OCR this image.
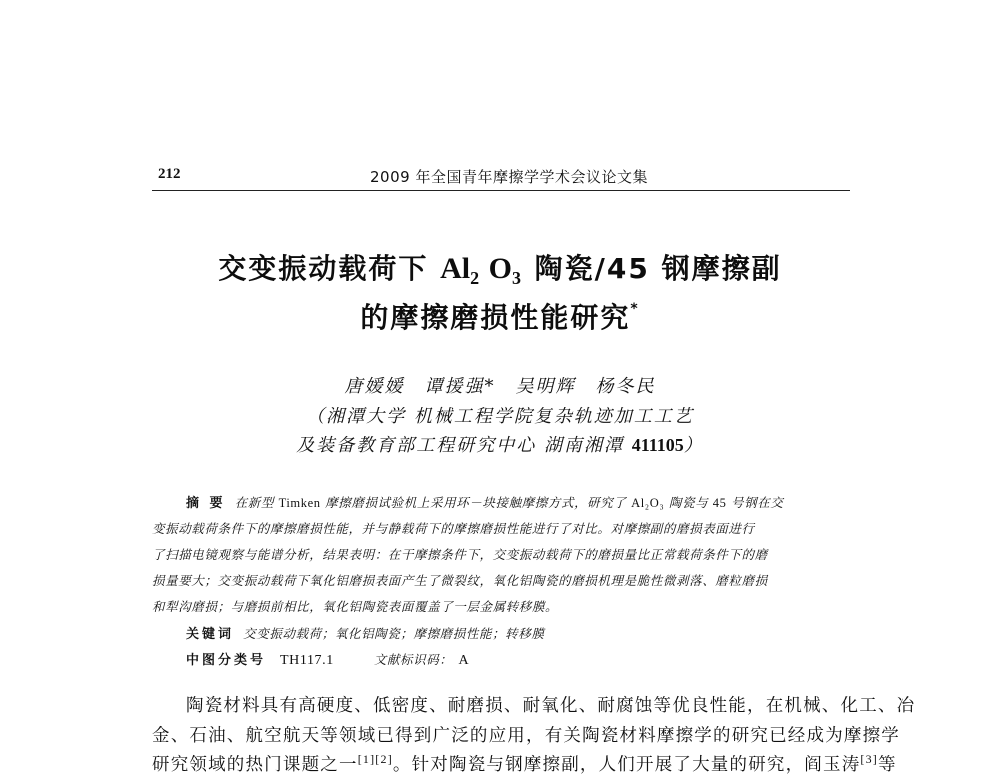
212	2009 年全国青年摩擦学学术会议论文集
交变振动载荷下 $Al_2$ $O_3$ 陶瓷/45 钢摩擦副
的摩擦磨损性能研究*
唐媛媛 谭援强* 吴明辉 杨冬民
（湘潭大学 机械工程学院复杂轨迹加工工艺
及装备教育部工程研究中心 湖南湘潭 411105）
摘 要 在新型 Timken 摩擦磨损试验机上采用环－块接触摩擦方式，研究了 Al₂O₃ 陶瓷与 45 号钢在交
变振动载荷条件下的摩擦磨损性能，并与静载荷下的摩擦磨损性能进行了对比。对摩擦副的磨损表面进行
了扫描电镜观察与能谱分析，结果表明：在干摩擦条件下，交变振动载荷下的磨损量比正常载荷条件下的磨
损量要大；交变振动载荷下氧化铝磨损表面产生了微裂纹，氧化铝陶瓷的磨损机理是脆性微剥落、磨粒磨损
和犁沟磨损；与磨损前相比，氧化铝陶瓷表面覆盖了一层金属转移膜。
关键词 交变振动载荷；氧化铝陶瓷；摩擦磨损性能；转移膜
中图分类号 TH117.1	文献标识码： A
陶瓷材料具有高硬度、低密度、耐磨损、耐氧化、耐腐蚀等优良性能，在机械、化工、冶
金、石油、航空航天等领域已得到广泛的应用，有关陶瓷材料摩擦学的研究已经成为摩擦学
研究领域的热门课题之一[1][2]。针对陶瓷与钢摩擦副，人们开展了大量的研究，阎玉涛[3]等
